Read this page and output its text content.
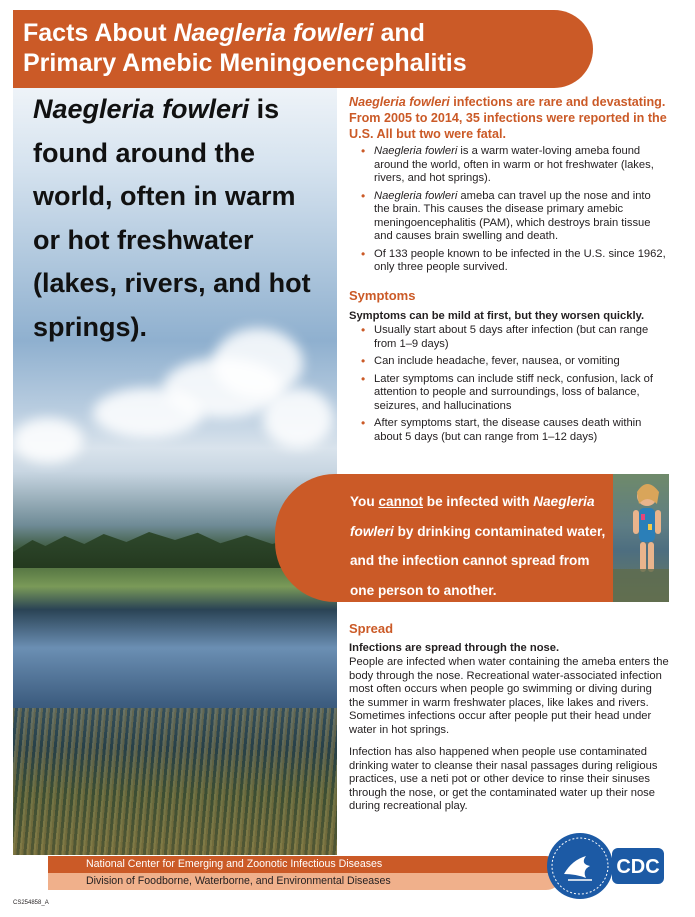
Facts About Naegleria fowleri and
Primary Amebic Meningoencephalitis

Naegleria fowleri is found around the world, often in warm or hot freshwater (lakes, rivers, and hot springs).

Naegleria fowleri infections are rare and devastating. From 2005 to 2014, 35 infections were reported in the U.S. All but two were fatal.

• Naegleria fowleri is a warm water-loving ameba found around the world, often in warm or hot freshwater (lakes, rivers, and hot springs).
• Naegleria fowleri ameba can travel up the nose and into the brain. This causes the disease primary amebic meningoencephalitis (PAM), which destroys brain tissue and causes brain swelling and death.
• Of 133 people known to be infected in the U.S. since 1962, only three people survived.

Symptoms

Symptoms can be mild at first, but they worsen quickly.

• Usually start about 5 days after infection (but can range from 1–9 days)
• Can include headache, fever, nausea, or vomiting
• Later symptoms can include stiff neck, confusion, lack of attention to people and surroundings, loss of balance, seizures, and hallucinations
• After symptoms start, the disease causes death within about 5 days (but can range from 1–12 days)

You cannot be infected with Naegleria fowleri by drinking contaminated water, and the infection cannot spread from one person to another.

Spread

Infections are spread through the nose.

People are infected when water containing the ameba enters the body through the nose. Recreational water-associated infection most often occurs when people go swimming or diving during the summer in warm freshwater places, like lakes and rivers. Sometimes infections occur after people put their head under water in hot springs.

Infection has also happened when people use contaminated drinking water to cleanse their nasal passages during religious practices, use a neti pot or other device to rinse their sinuses through the nose, or get the contaminated water up their nose during recreational play.

National Center for Emerging and Zoonotic Infectious Diseases
Division of Foodborne, Waterborne, and Environmental Diseases
CS254858_A
CDC
